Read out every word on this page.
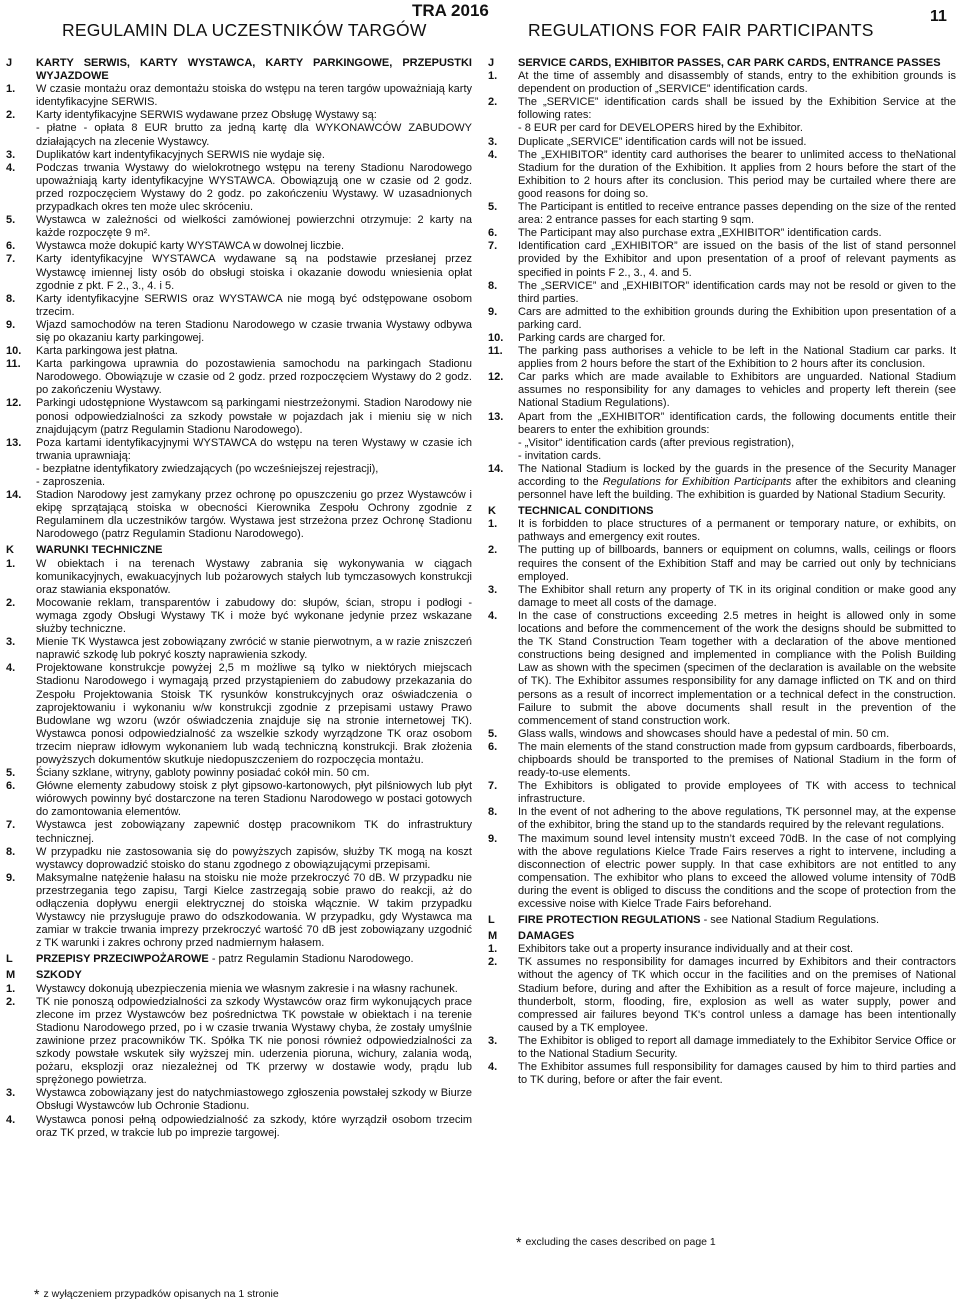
REGULAMIN DLA UCZESTNIKÓW TARGÓW
TRA 2016
REGULATIONS FOR FAIR PARTICIPANTS
11
J	KARTY SERWIS, KARTY WYSTAWCA, KARTY PARKINGOWE, PRZEPUSTKI WYJAZDOWE
1.	W czasie montażu oraz demontażu stoiska do wstępu na teren targów upoważniają karty identyfikacyjne SERWIS.
2.	Karty identyfikacyjne SERWIS wydawane przez Obsługę Wystawy są:
- płatne - opłata 8 EUR brutto za jedną kartę dla WYKONAWCÓW ZABUDOWY działających na zlecenie Wystawcy.
3.	Duplikatów kart indentyfikacyjnych SERWIS nie wydaje się.
4.	Podczas trwania Wystawy do wielokrotnego wstępu na tereny Stadionu Narodowego upoważniają karty identyfikacyjne WYSTAWCA. Obowiązują one w czasie od 2 godz. przed rozpoczęciem Wystawy do 2 godz. po zakończeniu Wystawy. W uzasadnionych przypadkach okres ten może ulec skróceniu.
5.	Wystawca w zależności od wielkości zamówionej powierzchni otrzymuje: 2 karty na każde rozpoczęte 9 m².
6.	Wystawca może dokupić karty WYSTAWCA w dowolnej liczbie.
7.	Karty identyfikacyjne WYSTAWCA wydawane są na podstawie przesłanej przez Wystawcę imiennej listy osób do obsługi stoiska i okazanie dowodu wniesienia opłat zgodnie z pkt. F 2., 3., 4. i 5.
8.	Karty identyfikacyjne SERWIS oraz WYSTAWCA nie mogą być odstępowane osobom trzecim.
9.	Wjazd samochodów na teren Stadionu Narodowego w czasie trwania Wystawy odbywa się po okazaniu karty parkingowej.
10.	Karta parkingowa jest płatna.
11.	Karta parkingowa uprawnia do pozostawienia samochodu na parkingach Stadionu Narodowego. Obowiązuje w czasie od 2 godz. przed rozpoczęciem Wystawy do 2 godz. po zakończeniu Wystawy.
12.	Parkingi udostępnione Wystawcom są parkingami niestrzeżonymi. Stadion Narodowy nie ponosi odpowiedzialności za szkody powstałe w pojazdach jak i mieniu się w nich znajdującym (patrz Regulamin Stadionu Narodowego).
13.	Poza kartami identyfikacyjnymi WYSTAWCA do wstępu na teren Wystawy w czasie ich trwania uprawniają:
- bezpłatne identyfikatory zwiedzających (po wcześniejszej rejestracji),
- zaproszenia.
14.	Stadion Narodowy jest zamykany przez ochronę po opuszczeniu go przez Wystawców i ekipę sprzątającą stoiska w obecności Kierownika Zespołu Ochrony zgodnie z Regulaminem dla uczestników targów. Wystawa jest strzeżona przez Ochronę Stadionu Narodowego (patrz Regulamin Stadionu Narodowego).
K	WARUNKI TECHNICZNE
1.	W obiektach i na terenach Wystawy zabrania się wykonywania w ciągach komunikacyjnych, ewakuacyjnych lub pożarowych stałych lub tymczasowych konstrukcji oraz stawiania eksponatów.
2.	Mocowanie reklam, transparentów i zabudowy do: słupów, ścian, stropu i podłogi - wymaga zgody Obsługi Wystawy TK i może być wykonane jedynie przez wskazane służby techniczne.
3.	Mienie TK Wystawca jest zobowiązany zwrócić w stanie pierwotnym, a w razie zniszczeń naprawić szkodę lub pokryć koszty naprawienia szkody.
4.	Projektowane konstrukcje powyżej 2,5 m możliwe są tylko w niektórych miejscach Stadionu Narodowego i wymagają przed przystąpieniem do zabudowy przekazania do Zespołu Projektowania Stoisk TK rysunków konstrukcyjnych oraz oświadczenia o zaprojektowaniu i wykonaniu w/w konstrukcji zgodnie z przepisami ustawy Prawo Budowlane wg wzoru (wzór oświadczenia znajduje się na stronie internetowej TK). Wystawca ponosi odpowiedzialność za wszelkie szkody wyrządzone TK oraz osobom trzecim niepraw idłowym wykonaniem lub wadą techniczną konstrukcji. Brak złożenia powyższych dokumentów skutkuje niedopuszczeniem do rozpoczęcia montażu.
5.	Ściany szklane, witryny, gabloty powinny posiadać cokół min. 50 cm.
6.	Główne elementy zabudowy stoisk z płyt gipsowo-kartonowych, płyt pilśniowych lub płyt wiórowych powinny być dostarczone na teren Stadionu Narodowego w postaci gotowych do zamontowania elementów.
7.	Wystawca jest zobowiązany zapewnić dostęp pracownikom TK do infrastruktury technicznej.
8.	W przypadku nie zastosowania się do powyższych zapisów, służby TK mogą na koszt wystawcy doprowadzić stoisko do stanu zgodnego z obowiązującymi przepisami.
9.	Maksymalne natężenie hałasu na stoisku nie może przekroczyć 70 dB. W przypadku nie przestrzegania tego zapisu, Targi Kielce zastrzegają sobie prawo do reakcji, aż do odłączenia dopływu energii elektrycznej do stoiska włącznie. W takim przypadku Wystawcy nie przysługuje prawo do odszkodowania. W przypadku, gdy Wystawca ma zamiar w trakcie trwania imprezy przekroczyć wartość 70 dB jest zobowiązany uzgodnić z TK warunki i zakres ochrony przed nadmiernym hałasem.
L	PRZEPISY PRZECIWPOŻAROWE - patrz Regulamin Stadionu Narodowego.
M	SZKODY
1.	Wystawcy dokonują ubezpieczenia mienia we własnym zakresie i na własny rachunek.
2.	TK nie ponoszą odpowiedzialności za szkody Wystawców oraz firm wykonujących prace zlecone im przez Wystawców bez pośrednictwa TK powstałe w obiektach i na terenie Stadionu Narodowego przed, po i w czasie trwania Wystawy chyba, że zostały umyślnie zawinione przez pracowników TK. Spółka TK nie ponosi również odpowiedzialności za szkody powstałe wskutek siły wyższej min. uderzenia pioruna, wichury, zalania wodą, pożaru, eksplozji oraz niezależnej od TK przerwy w dostawie wody, prądu lub sprężonego powietrza.
3.	Wystawca zobowiązany jest do natychmiastowego zgłoszenia powstałej szkody w Biurze Obsługi Wystawców lub Ochronie Stadionu.
4.	Wystawca ponosi pełną odpowiedzialność za szkody, które wyrządził osobom trzecim oraz TK przed, w trakcie lub po imprezie targowej.
J	SERVICE CARDS, EXHIBITOR PASSES, CAR PARK CARDS, ENTRANCE PASSES
1.	At the time of assembly and disassembly of stands, entry to the exhibition grounds is dependent on production of „SERVICE” identification cards.
2.	The „SERVICE” identification cards shall be issued by the Exhibition Service at the following rates:
- 8 EUR per card for DEVELOPERS hired by the Exhibitor.
3.	Duplicate „SERVICE” identification cards will not be issued.
4.	The „EXHIBITOR” identity card authorises the bearer to unlimited access to theNational Stadium for the duration of the Exhibition. It applies from 2 hours before the start of the Exhibition to 2 hours after its conclusion. This period may be curtailed where there are good reasons for doing so.
5.	The Participant is entitled to receive entrance passes depending on the size of the rented area: 2 entrance passes for each starting 9 sqm.
6.	The Participant may also purchase extra „EXHIBITOR” identification cards.
7.	Identification card „EXHIBITOR” are issued on the basis of the list of stand personnel provided by the Exhibitor and upon presentation of a proof of relevant payments as specified in points F 2., 3., 4. and 5.
8.	The „SERVICE” and „EXHIBITOR” identification cards may not be resold or given to the third parties.
9.	Cars are admitted to the exhibition grounds during the Exhibition upon presentation of a parking card.
10.	Parking cards are charged for.
11.	The parking pass authorises a vehicle to be left in the National Stadium car parks. It applies from 2 hours before the start of the Exhibition to 2 hours after its conclusion.
12.	Car parks which are made available to Exhibitors are unguarded. National Stadium assumes no responsibility for any damages to vehicles and property left therein (see National Stadium Regulations).
13.	Apart from the „EXHIBITOR” identification cards, the following documents entitle their bearers to enter the exhibition grounds:
- „Visitor” identification cards (after previous registration),
- invitation cards.
14.	The National Stadium is locked by the guards in the presence of the Security Manager according to the Regulations for Exhibition Participants after the exhibitors and cleaning personnel have left the building. The exhibition is guarded by National Stadium Security.
K	TECHNICAL CONDITIONS
1.	It is forbidden to place structures of a permanent or temporary nature, or exhibits, on pathways and emergency exit routes.
2.	The putting up of billboards, banners or equipment on columns, walls, ceilings or floors requires the consent of the Exhibition Staff and may be carried out only by technicians employed.
3.	The Exhibitor shall return any property of TK in its original condition or make good any damage to meet all costs of the damage.
4.	In the case of constructions exceeding 2.5 metres in height is allowed only in some locations and before the commencement of the work the designs should be submitted to the TK Stand Construction Team together with a declaration of the above mentioned constructions being designed and implemented in compliance with the Polish Building Law as shown with the specimen (specimen of the declaration is available on the website of TK). The Exhibitor assumes responsibility for any damage inflicted on TK and on third persons as a result of incorrect implementation or a technical defect in the construction. Failure to submit the above documents shall result in the prevention of the commencement of stand construction work.
5.	Glass walls, windows and showcases should have a pedestal of min. 50 cm.
6.	The main elements of the stand construction made from gypsum cardboards, fiberboards, chipboards should be transported to the premises of National Stadium in the form of ready-to-use elements.
7.	The Exhibitors is obligated to provide employees of TK with access to technical infrastructure.
8.	In the event of not adhering to the above regulations, TK personnel may, at the expense of the exhibitor, bring the stand up to the standards required by the relevant regulations.
9.	The maximum sound level intensity mustn’t exceed 70dB. In the case of not complying with the above regulations Kielce Trade Fairs reserves a right to intervene, including a disconnection of electric power supply. In that case exhibitors are not entitled to any compensation. The exhibitor who plans to exceed the allowed volume intensity of 70dB during the event is obliged to discuss the conditions and the scope of protection from the excessive noise with Kielce Trade Fairs beforehand.
L	FIRE PROTECTION REGULATIONS - see National Stadium Regulations.
M	DAMAGES
1.	Exhibitors take out a property insurance individually and at their cost.
2.	TK assumes no responsibility for damages incurred by Exhibitors and their contractors without the agency of TK which occur in the facilities and on the premises of National Stadium before, during and after the Exhibition as a result of force majeure, including a thunderbolt, storm, flooding, fire, explosion as well as water supply, power and compressed air failures beyond TK's control unless a damage has been intentionally caused by a TK employee.
3.	The Exhibitor is obliged to report all damage immediately to the Exhibitor Service Office or to the National Stadium Security.
4.	The Exhibitor assumes full responsibility for damages caused by him to third parties and to TK during, before or after the fair event.
* z wyłączeniem przypadków opisanych na 1 stronie
* excluding the cases described on page 1
